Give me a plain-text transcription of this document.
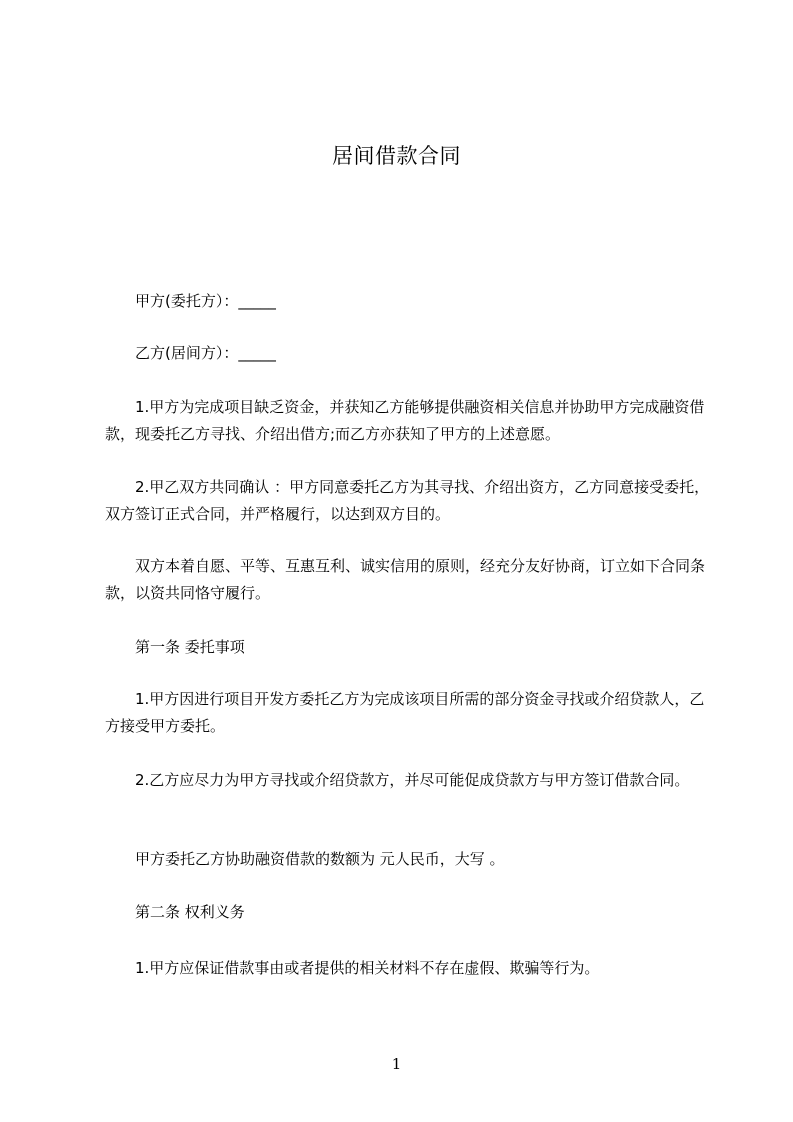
居间借款合同

甲方(委托方）：_____

乙方(居间方）：_____

1.甲方为完成项目缺乏资金，并获知乙方能够提供融资相关信息并协助甲方完成融资借款，现委托乙方寻找、介绍出借方;而乙方亦获知了甲方的上述意愿。

2.甲乙双方共同确认 ：甲方同意委托乙方为其寻找、介绍出资方，乙方同意接受委托，双方签订正式合同，并严格履行，以达到双方目的。

双方本着自愿、平等、互惠互利、诚实信用的原则，经充分友好协商，订立如下合同条款，以资共同恪守履行。

第一条 委托事项

1.甲方因进行项目开发方委托乙方为完成该项目所需的部分资金寻找或介绍贷款人，乙方接受甲方委托。

2.乙方应尽力为甲方寻找或介绍贷款方，并尽可能促成贷款方与甲方签订借款合同。

甲方委托乙方协助融资借款的数额为 元人民币，大写 。

第二条 权利义务

1.甲方应保证借款事由或者提供的相关材料不存在虚假、欺骗等行为。

1
